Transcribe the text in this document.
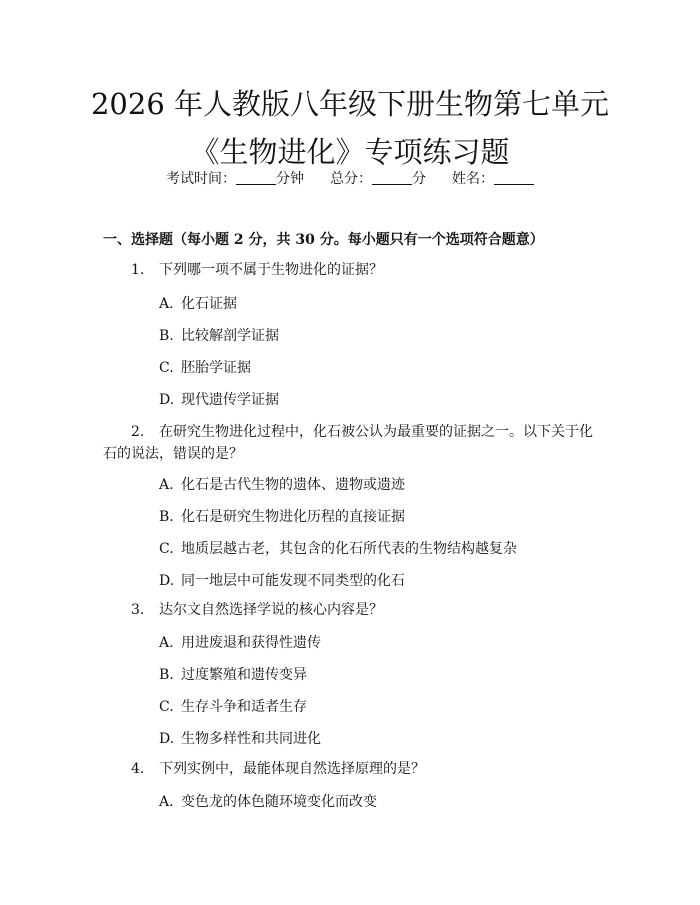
2026 年人教版八年级下册生物第七单元《生物进化》专项练习题
考试时间：	分钟 总分：	分 姓名：
一、选择题（每小题 2 分，共 30 分。每小题只有一个选项符合题意）
1. 下列哪一项不属于生物进化的证据？
A. 化石证据
B. 比较解剖学证据
C. 胚胎学证据
D. 现代遗传学证据
2. 在研究生物进化过程中，化石被公认为最重要的证据之一。以下关于化石的说法，错误的是？
A. 化石是古代生物的遗体、遗物或遗迹
B. 化石是研究生物进化历程的直接证据
C. 地质层越古老，其包含的化石所代表的生物结构越复杂
D. 同一地层中可能发现不同类型的化石
3. 达尔文自然选择学说的核心内容是？
A. 用进废退和获得性遗传
B. 过度繁殖和遗传变异
C. 生存斗争和适者生存
D. 生物多样性和共同进化
4. 下列实例中，最能体现自然选择原理的是？
A. 变色龙的体色随环境变化而改变
